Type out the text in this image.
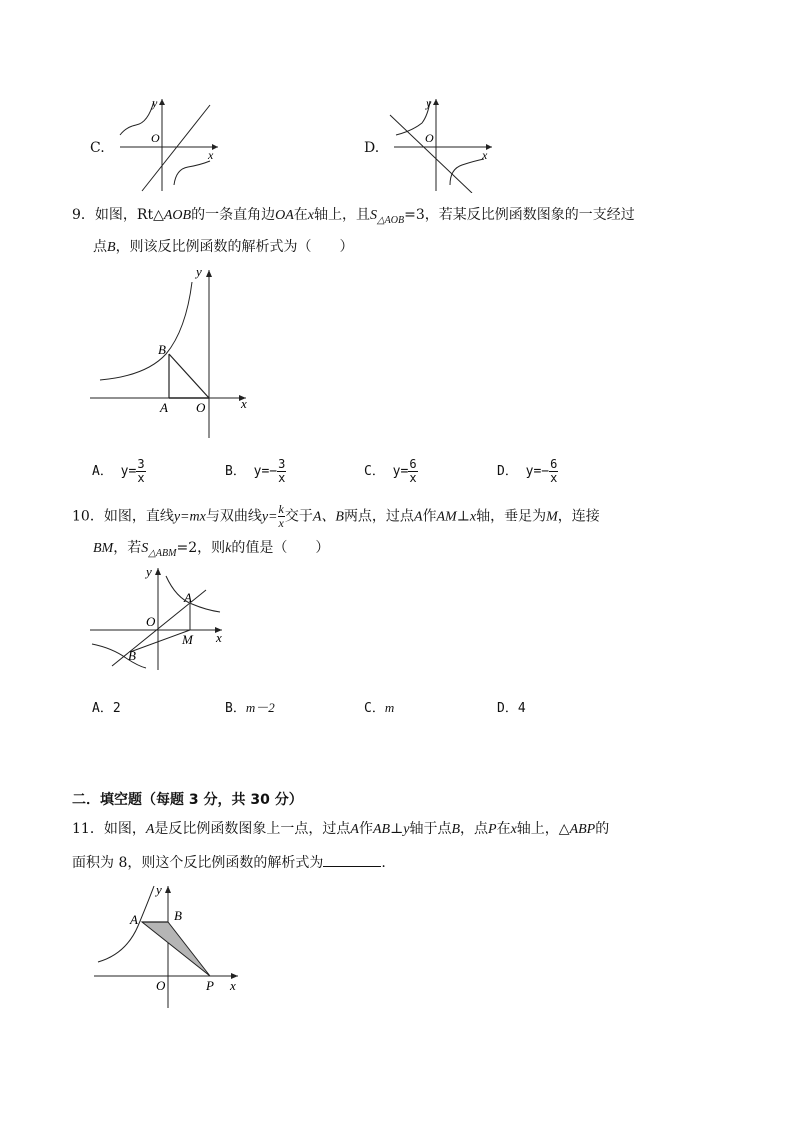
C.
y
x
O
D.
y
x
O
9．如图，Rt△AOB的一条直角边OA在x轴上，且$S_{\triangle AOB}=3$，若某反比例函数图象的一支经过
点B，则该反比例函数的解析式为（　　）
y
x
B
A O
A． $y= \frac{3}{x}$	B． $y=- \frac{3}{x}$	C． $y= \frac{6}{x}$	D． $y=- \frac{6}{x}$
10．如图，直线y=mx与双曲线$y= \frac{k}{x}$ 交于A、B两点，过点A作AM⊥x轴，垂足为M，连接
BM，若$S_{\triangle ABM}=2$，则k的值是（　　）
y
x
A
O
M
B
A．2	B．m－2	C．m	D．4
二．填空题（每题 3 分，共 30 分）
11．如图，A是反比例函数图象上一点，过点A作AB⊥y轴于点B，点P在x轴上，△ABP的
面积为 8，则这个反比例函数的解析式为	.
y
x
A	B
O	P
